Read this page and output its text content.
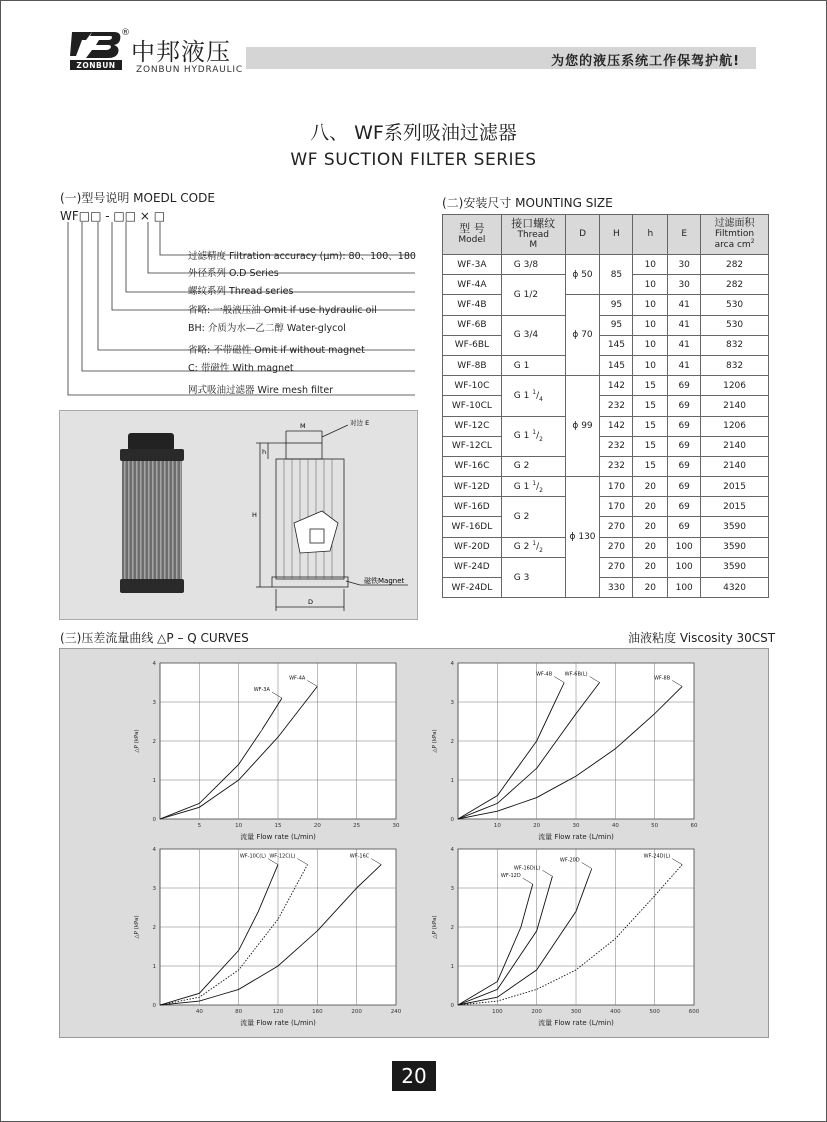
ZONBUN
®
中邦液压
ZONBUN HYDRAULIC
为您的液压系统工作保驾护航!
八、 WF系列吸油过滤器
WF SUCTION FILTER SERIES
(一)型号说明 MOEDL CODE
WF□□ - □□ × □
过滤精度 Filtration accuracy (μm): 80、100、180
外径系列 O.D Series
螺纹系列 Thread series
省略: 一般液压油 Omit if use hydraulic oil
BH: 介质为水—乙二醇 Water-glycol
省略: 不带磁性 Omit if without magnet
C: 带磁性 With magnet
网式吸油过滤器 Wire mesh filter
M	对边 E
H
h
D
磁铁Magnet
(二)安装尺寸 MOUNTING SIZE
型 号
Model	接口螺纹
Thread
M	D	H	h	E	过滤面积
Filtmtion
arca $cm^2$
WF-3A	G 3/8	ϕ 50	85	10	30	282
WF-4A	G 1/2			10	30	282
WF-4B		ϕ 70	95	10	41	530
WF-6B	G 3/4		95	10	41	530
WF-6BL			145	10	41	832
WF-8B	G 1		145	10	41	832
WF-10C	G 1 $^1/_4$	ϕ 99	142	15	69	1206
WF-10CL			232	15	69	2140
WF-12C	G 1 $^1/_2$		142	15	69	1206
WF-12CL			232	15	69	2140
WF-16C	G 2		232	15	69	2140
WF-12D	G 1 $^1/_2$	ϕ 130	170	20	69	2015
WF-16D	G 2		170	20	69	2015
WF-16DL			270	20	69	3590
WF-20D	G 2 $^1/_2$		270	20	100	3590
WF-24D	G 3		270	20	100	3590
WF-24DL			330	20	100	4320
(三)压差流量曲线 △P – Q CURVES	油液粘度 Viscosity 30CST
5	10	15	20	25	30
0
1
2
3
4
流量 Flow rate (L/min)
△P (kPa)
WF-3A
WF-4A
10	20	30	40	50	60
0
1
2
3
4
流量 Flow rate (L/min)
△P (kPa)
WF-4B WF-6B(L)
WF-8B
40	80	120	160	200	240
0
1
2
3
4
流量 Flow rate (L/min)
△P (kPa)
WF-10C(L) WF-12C(L)	WF-16C
100	200	300	400	500	600
0
1
2
3
4
流量 Flow rate (L/min)
△P (kPa)
WF-12D
WF-16D(L)
WF-20D
WF-24D(L)
20
